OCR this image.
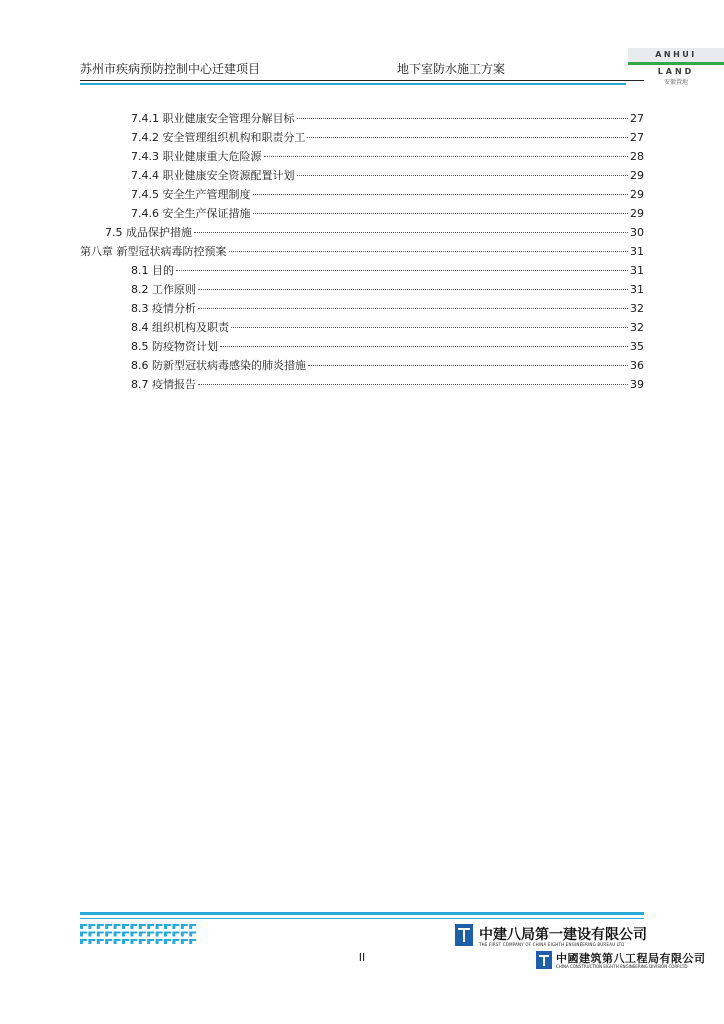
苏州市疾病预防控制中心迁建项目	地下室防水施工方案
ANHUI
LAND
安徽置地
7.4.1 职业健康安全管理分解目标	27
7.4.2 安全管理组织机构和职责分工	27
7.4.3 职业健康重大危险源	28
7.4.4 职业健康安全资源配置计划	29
7.4.5 安全生产管理制度	29
7.4.6 安全生产保证措施	29
7.5 成品保护措施	30
第八章 新型冠状病毒防控预案	31
8.1 目的	31
8.2 工作原则	31
8.3 疫情分析	32
8.4 组织机构及职责	32
8.5 防疫物资计划	35
8.6 防新型冠状病毒感染的肺炎措施	36
8.7 疫情报告	39
II
中建八局第一建设有限公司
THE FIRST COMPANY OF CHINA EIGHTH ENGINEERING BUREAU LTD
中國建筑第八工程局有限公司
CHINA CONSTRUCTION EIGHTH ENGINEERING DIVISION CORP.LTD
